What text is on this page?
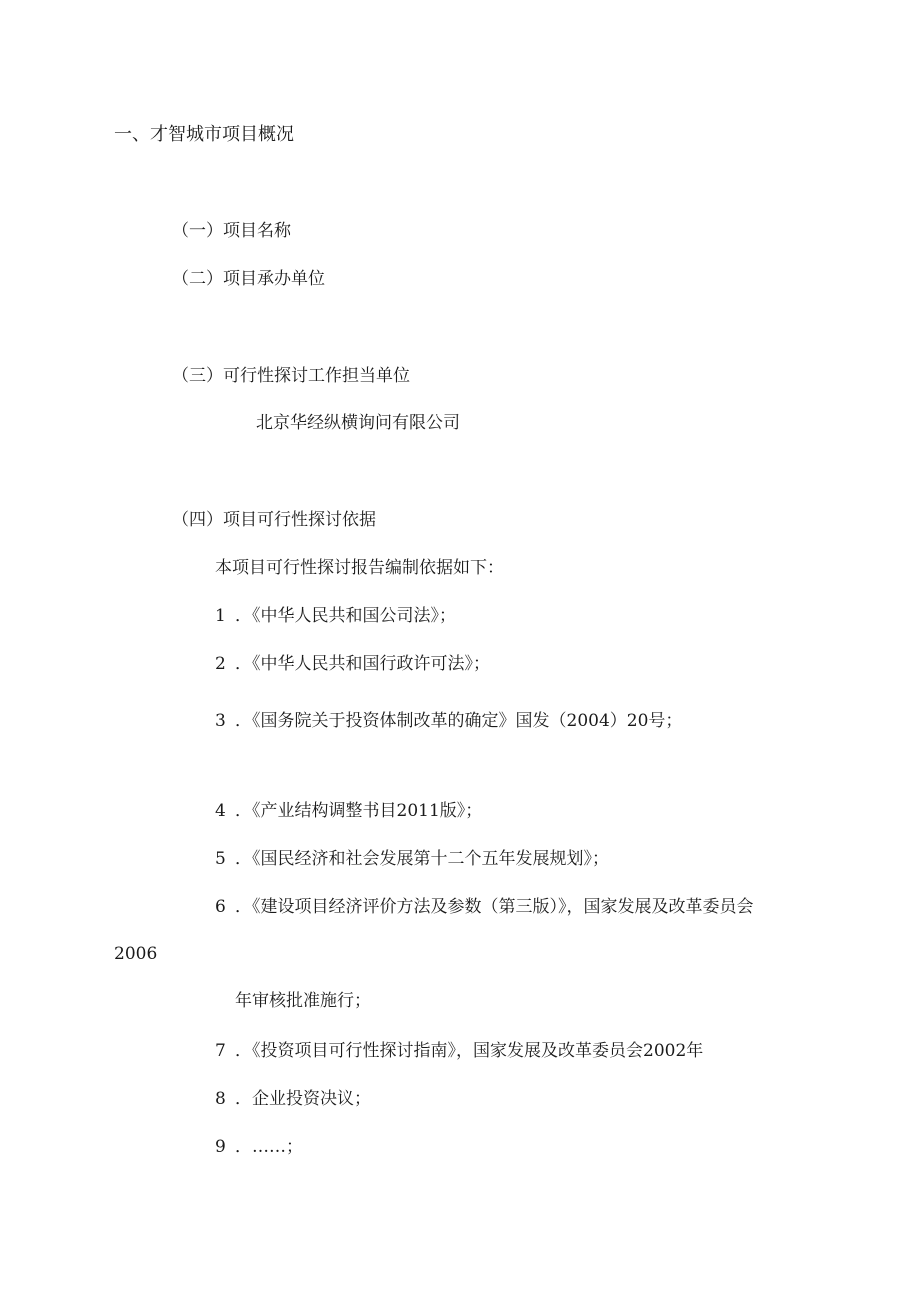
一、才智城市项目概况
（一）项目名称
（二）项目承办单位
（三）可行性探讨工作担当单位
北京华经纵横询问有限公司
（四）项目可行性探讨依据
本项目可行性探讨报告编制依据如下：
1 ．《中华人民共和国公司法》；
2 ．《中华人民共和国行政许可法》；
3 ．《国务院关于投资体制改革的确定》国发（2004）20号；
4 ．《产业结构调整书目2011版》；
5 ．《国民经济和社会发展第十二个五年发展规划》；
6 ．《建设项目经济评价方法及参数（第三版）》，国家发展及改革委员会
2006
年审核批准施行；
7 ．《投资项目可行性探讨指南》，国家发展及改革委员会2002年
8 ．企业投资决议；
9 ．……；
